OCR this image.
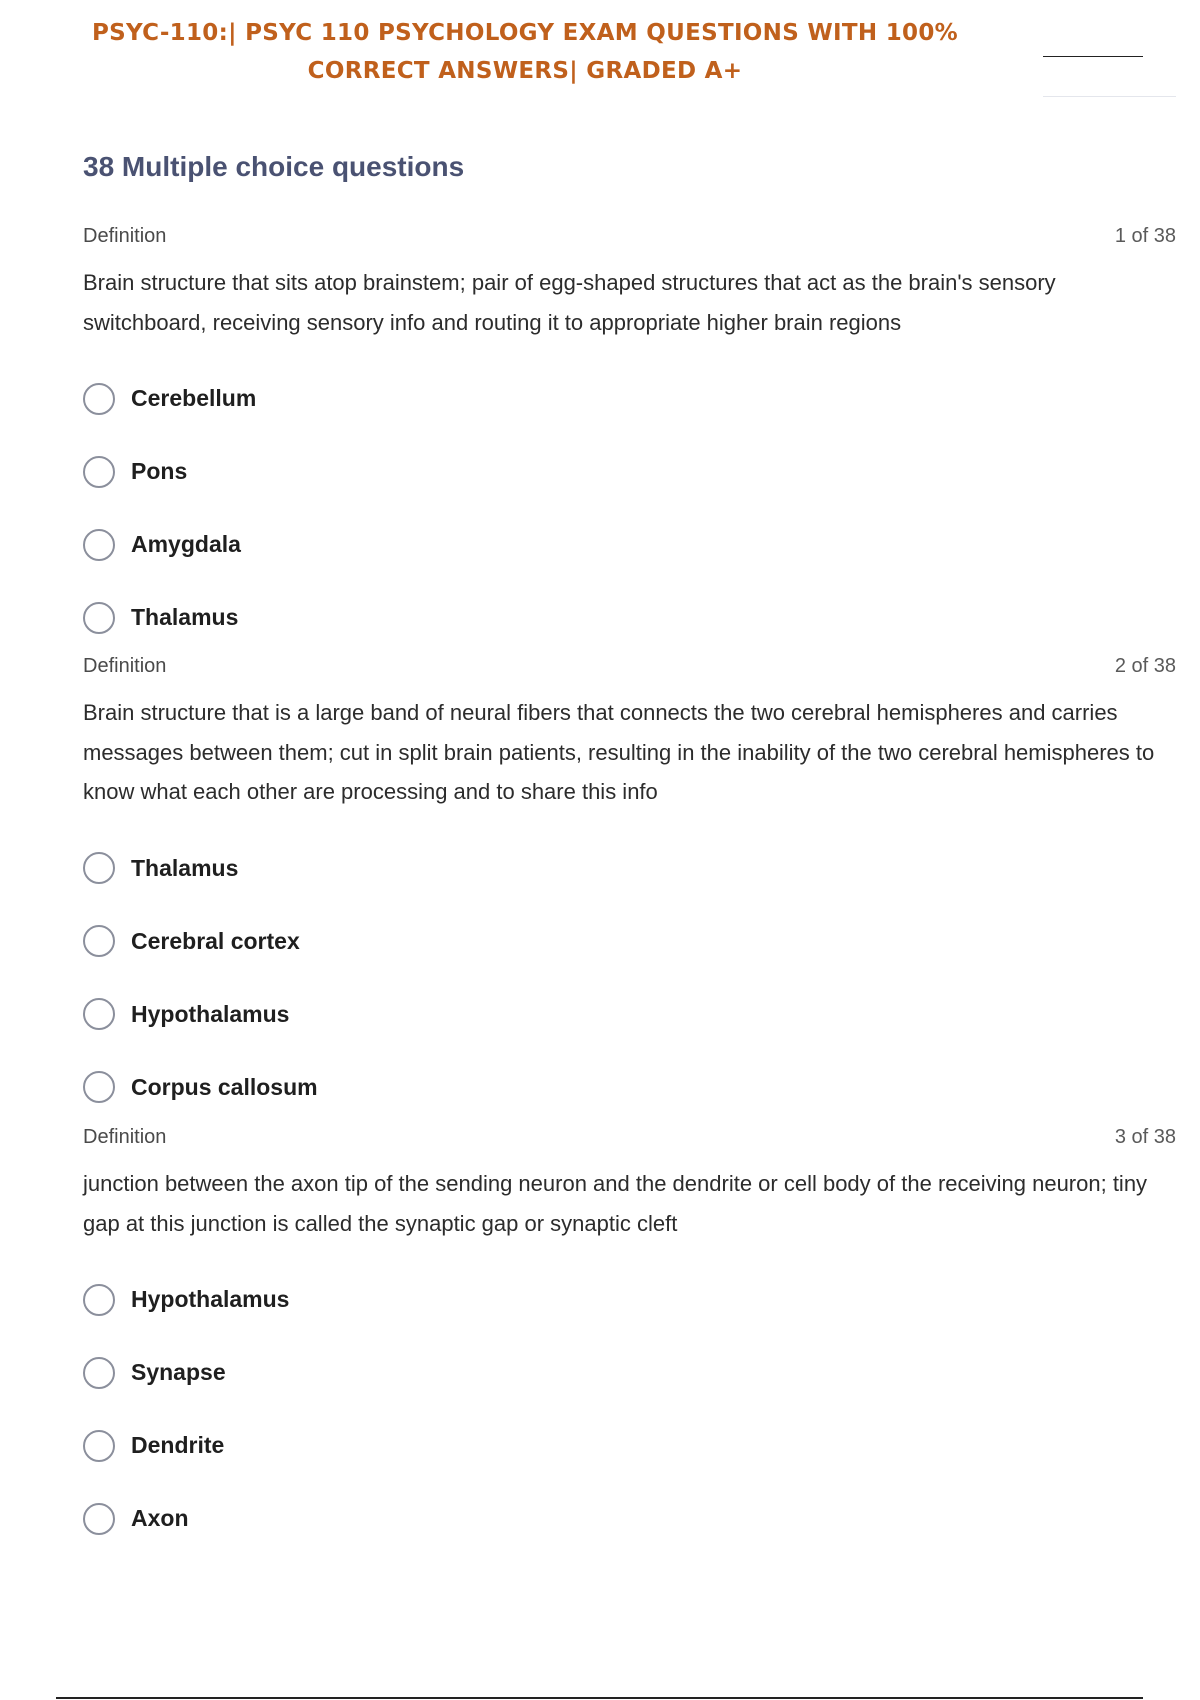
PSYC-110:| PSYC 110 PSYCHOLOGY EXAM QUESTIONS WITH 100%
CORRECT ANSWERS| GRADED A+
38 Multiple choice questions
Definition	1 of 38
Brain structure that sits atop brainstem; pair of egg-shaped structures that act as the brain's sensory switchboard, receiving sensory info and routing it to appropriate higher brain regions
Cerebellum
Pons
Amygdala
Thalamus
Definition	2 of 38
Brain structure that is a large band of neural fibers that connects the two cerebral hemispheres and carries messages between them; cut in split brain patients, resulting in the inability of the two cerebral hemispheres to know what each other are processing and to share this info
Thalamus
Cerebral cortex
Hypothalamus
Corpus callosum
Definition	3 of 38
junction between the axon tip of the sending neuron and the dendrite or cell body of the receiving neuron; tiny gap at this junction is called the synaptic gap or synaptic cleft
Hypothalamus
Synapse
Dendrite
Axon
